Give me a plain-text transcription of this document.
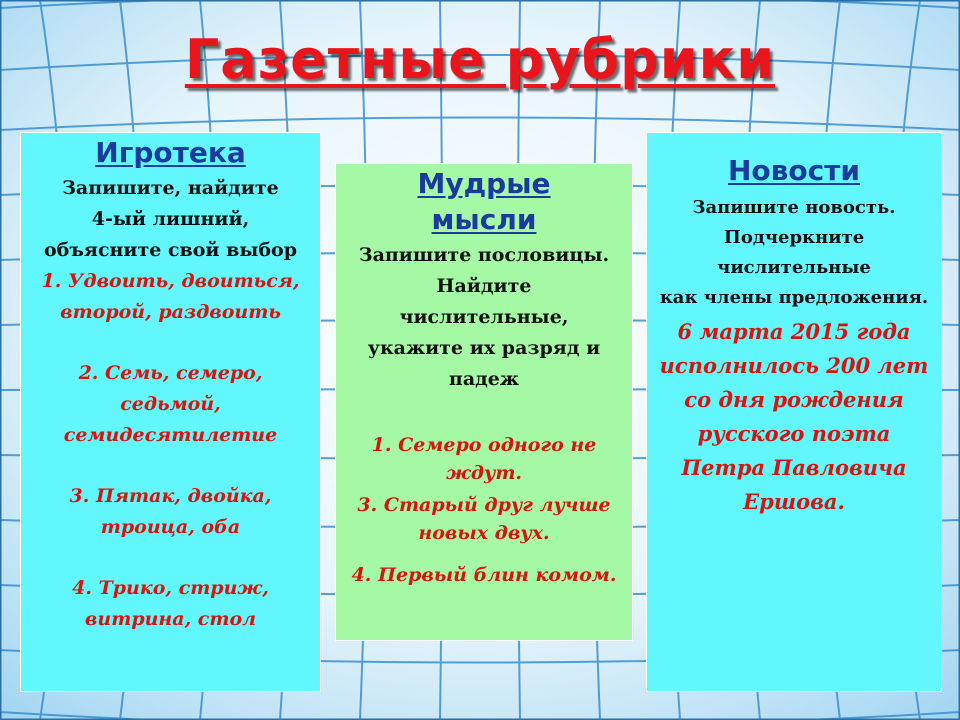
Газетные рубрики
Игротека
Запишите, найдите
4-ый лишний,
объясните свой выбор
1. Удвоить, двоиться,
второй, раздвоить
2. Семь, семеро,
седьмой,
семидесятилетие
3. Пятак, двойка,
троица, оба
4. Трико, стриж,
витрина, стол
Мудрые
мысли
Запишите пословицы.
Найдите
числительные,
укажите их разряд и
падеж
1. Семеро одного не
ждут.
3. Старый друг лучше
новых двух.
4. Первый блин комом.
Новости
Запишите новость.
Подчеркните
числительные
как члены предложения.
6 марта 2015 года
исполнилось 200 лет
со дня рождения
русского поэта
Петра Павловича
Ершова.
